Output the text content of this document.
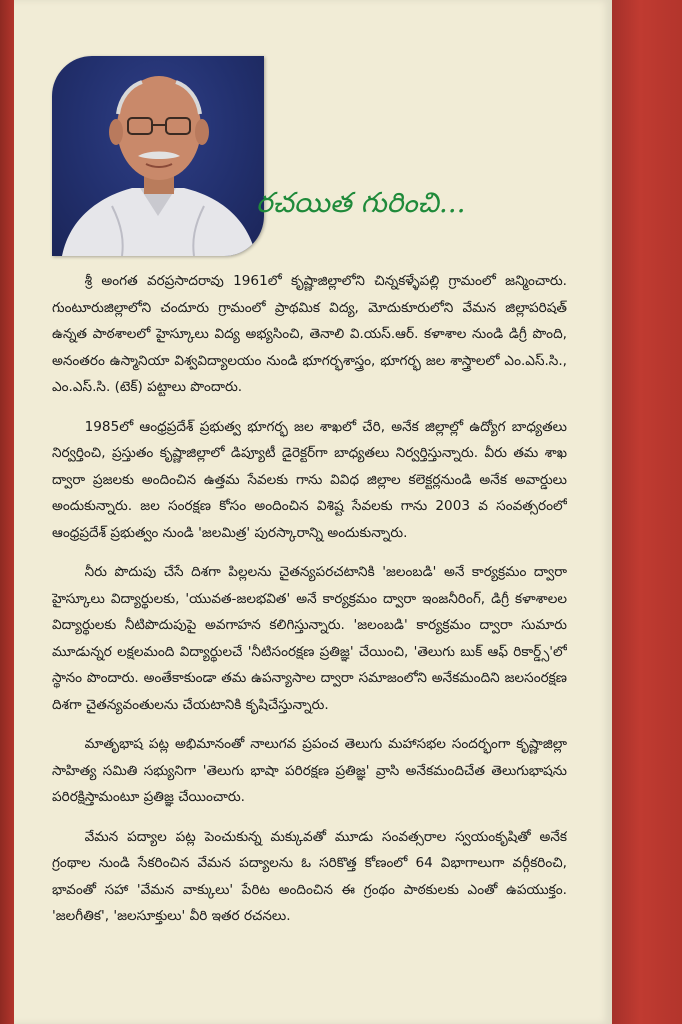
రచయిత గురించి...

శ్రీ అంగత వరప్రసాదరావు 1961లో కృష్ణాజిల్లాలోని చిన్నకళ్ళేపల్లి గ్రామంలో జన్మించారు. గుంటూరుజిల్లాలోని చందూరు గ్రామంలో ప్రాథమిక విద్య, మోదుకూరులోని వేమన జిల్లాపరిషత్ ఉన్నత పాఠశాలలో హైస్కూలు విద్య అభ్యసించి, తెనాలి వి.యస్.ఆర్. కళాశాల నుండి డిగ్రీ పొంది, అనంతరం ఉస్మానియా విశ్వవిద్యాలయం నుండి భూగర్భశాస్త్రం, భూగర్భ జల శాస్త్రాలలో ఎం.ఎస్.సి., ఎం.ఎస్.సి. (టెక్) పట్టాలు పొందారు.

1985లో ఆంధ్రప్రదేశ్ ప్రభుత్వ భూగర్భ జల శాఖలో చేరి, అనేక జిల్లాల్లో ఉద్యోగ బాధ్యతలు నిర్వర్తించి, ప్రస్తుతం కృష్ణాజిల్లాలో డిప్యూటీ డైరెక్టర్‌గా బాధ్యతలు నిర్వర్తిస్తున్నారు. వీరు తమ శాఖ ద్వారా ప్రజలకు అందించిన ఉత్తమ సేవలకు గాను వివిధ జిల్లాల కలెక్టర్లనుండి అనేక అవార్డులు అందుకున్నారు. జల సంరక్షణ కోసం అందించిన విశిష్ట సేవలకు గాను 2003 వ సంవత్సరంలో ఆంధ్రప్రదేశ్ ప్రభుత్వం నుండి 'జలమిత్ర' పురస్కారాన్ని అందుకున్నారు.

నీరు పొదుపు చేసే దిశగా పిల్లలను చైతన్యపరచటానికి 'జలంబడి' అనే కార్యక్రమం ద్వారా హైస్కూలు విద్యార్థులకు, 'యువత-జలభవిత' అనే కార్యక్రమం ద్వారా ఇంజనీరింగ్, డిగ్రీ కళాశాలల విద్యార్థులకు నీటిపొదుపుపై అవగాహన కలిగిస్తున్నారు. 'జలంబడి' కార్యక్రమం ద్వారా సుమారు మూడున్నర లక్షలమంది విద్యార్థులచే 'నీటిసంరక్షణ ప్రతిజ్ఞ' చేయించి, 'తెలుగు బుక్ ఆఫ్ రికార్డ్స్'లో స్థానం పొందారు. అంతేకాకుండా తమ ఉపన్యాసాల ద్వారా సమాజంలోని అనేకమందిని జలసంరక్షణ దిశగా చైతన్యవంతులను చేయటానికి కృషిచేస్తున్నారు.

మాతృభాష పట్ల అభిమానంతో నాలుగవ ప్రపంచ తెలుగు మహాసభల సందర్భంగా కృష్ణాజిల్లా సాహిత్య సమితి సభ్యునిగా 'తెలుగు భాషా పరిరక్షణ ప్రతిజ్ఞ' వ్రాసి అనేకమందిచేత తెలుగుభాషను పరిరక్షిస్తామంటూ ప్రతిజ్ఞ చేయించారు.

వేమన పద్యాల పట్ల పెంచుకున్న మక్కువతో మూడు సంవత్సరాల స్వయంకృషితో అనేక గ్రంథాల నుండి సేకరించిన వేమన పద్యాలను ఓ సరికొత్త కోణంలో 64 విభాగాలుగా వర్గీకరించి, భావంతో సహా 'వేమన వాక్కులు' పేరిట అందించిన ఈ గ్రంథం పాఠకులకు ఎంతో ఉపయుక్తం. 'జలగీతిక', 'జలసూక్తులు' వీరి ఇతర రచనలు.
